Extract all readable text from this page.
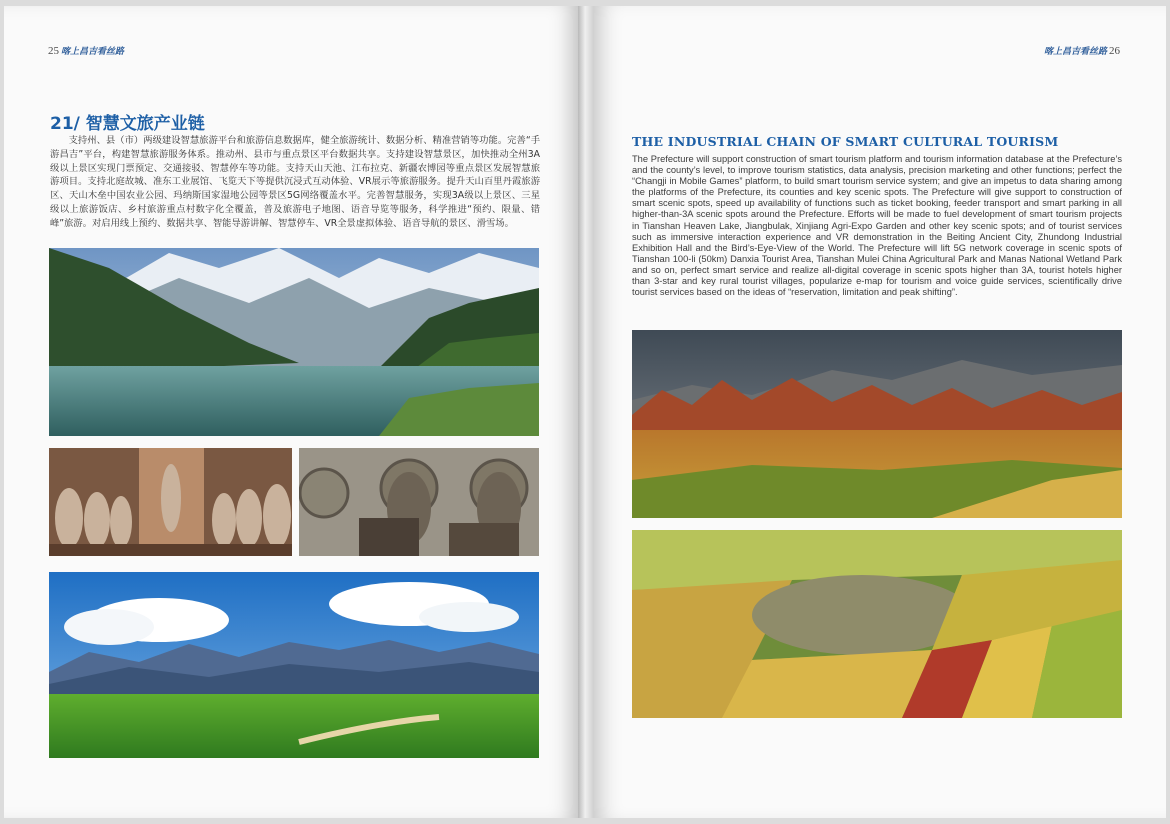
25 喀上昌吉看丝路
21/ 智慧文旅产业链
支持州、县（市）两级建设智慧旅游平台和旅游信息数据库，健全旅游统计、数据分析、精准营销等功能。完善“手游昌吉”平台，构建智慧旅游服务体系。推动州、县市与重点景区平台数据共享。支持建设智慧景区，加快推动全州3A级以上景区实现门票预定、交通接驳、智慧停车等功能。支持天山天池、江布拉克、新疆农博园等重点景区发展智慧旅游项目。支持北庭故城、准东工业展馆、飞览天下等提供沉浸式互动体验、VR展示等旅游服务。提升天山百里丹霞旅游区、天山木垒中国农业公园、玛纳斯国家湿地公园等景区5G网络覆盖水平。完善智慧服务，实现3A级以上景区、三星级以上旅游饭店、乡村旅游重点村数字化全覆盖，普及旅游电子地图、语音导览等服务，科学推进“预约、限量、错峰”旅游。对启用线上预约、数据共享、智能导游讲解、智慧停车、VR全景虚拟体验、语音导航的景区、滑雪场。
喀上昌吉看丝路 26
THE INDUSTRIAL CHAIN OF SMART CULTURAL TOURISM
The Prefecture will support construction of smart tourism platform and tourism information database at the Prefecture’s and the county’s level, to improve tourism statistics, data analysis, precision marketing and other functions; perfect the “Changji in Mobile Games” platform, to build smart tourism service system; and give an impetus to data sharing among the platforms of the Prefecture, its counties and key scenic spots. The Prefecture will give support to construction of smart scenic spots, speed up availability of functions such as ticket booking, feeder transport and smart parking in all higher-than-3A scenic spots around the Prefecture. Efforts will be made to fuel development of smart tourism projects in Tianshan Heaven Lake, Jiangbulak, Xinjiang Agri-Expo Garden and other key scenic spots; and of tourist services such as immersive interaction experience and VR demonstration in the Beiting Ancient City, Zhundong Industrial Exhibition Hall and the Bird’s-Eye-View of the World. The Prefecture will lift 5G network coverage in scenic spots of Tianshan 100-li (50km) Danxia Tourist Area, Tianshan Mulei China Agricultural Park and Manas National Wetland Park and so on, perfect smart service and realize all-digital coverage in scenic spots higher than 3A, tourist hotels higher than 3-star and key rural tourist villages, popularize e-map for tourism and voice guide services, scientifically drive tourist services based on the ideas of “reservation, limitation and peak shifting”.
